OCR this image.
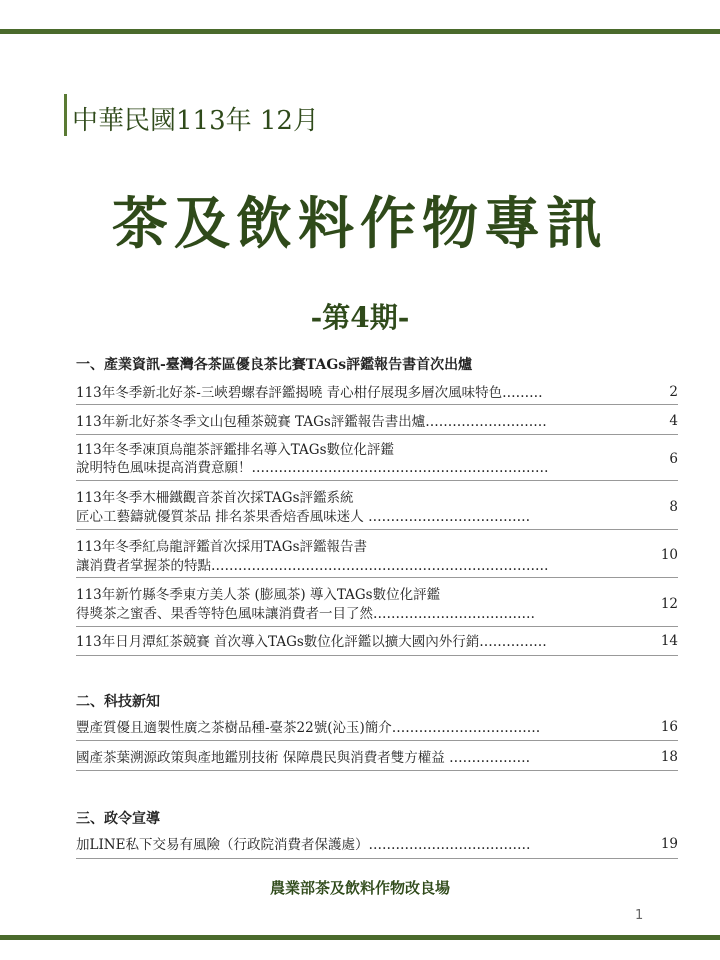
中華民國113年 12月
茶及飲料作物專訊
-第4期-
一、產業資訊-臺灣各茶區優良茶比賽TAGs評鑑報告書首次出爐
113年冬季新北好茶-三峽碧螺春評鑑揭曉 青心柑仔展現多層次風味特色………	2
113年新北好茶冬季文山包種茶競賽 TAGs評鑑報告書出爐………………………	4
113年冬季凍頂烏龍茶評鑑排名導入TAGs數位化評鑑
說明特色風味提高消費意願！…………………………………………………………
6
113年冬季木柵鐵觀音茶首次採TAGs評鑑系統
匠心工藝鑄就優質茶品 排名茶果香焙香風味迷人 ………………………………
8
113年冬季紅烏龍評鑑首次採用TAGs評鑑報告書
讓消費者掌握茶的特點…………………………………………………………………
10
113年新竹縣冬季東方美人茶 (膨風茶) 導入TAGs數位化評鑑
得獎茶之蜜香、果香等特色風味讓消費者一目了然………………………………
12
113年日月潭紅茶競賽 首次導入TAGs數位化評鑑以擴大國內外行銷……………	14
二、科技新知
豐產質優且適製性廣之茶樹品種-臺茶22號(沁玉)簡介……………………………	16
國產茶葉溯源政策與產地鑑別技術 保障農民與消費者雙方權益 ………………	18
三、政令宣導
加LINE私下交易有風險（行政院消費者保護處）………………………………	19
農業部茶及飲料作物改良場
1
